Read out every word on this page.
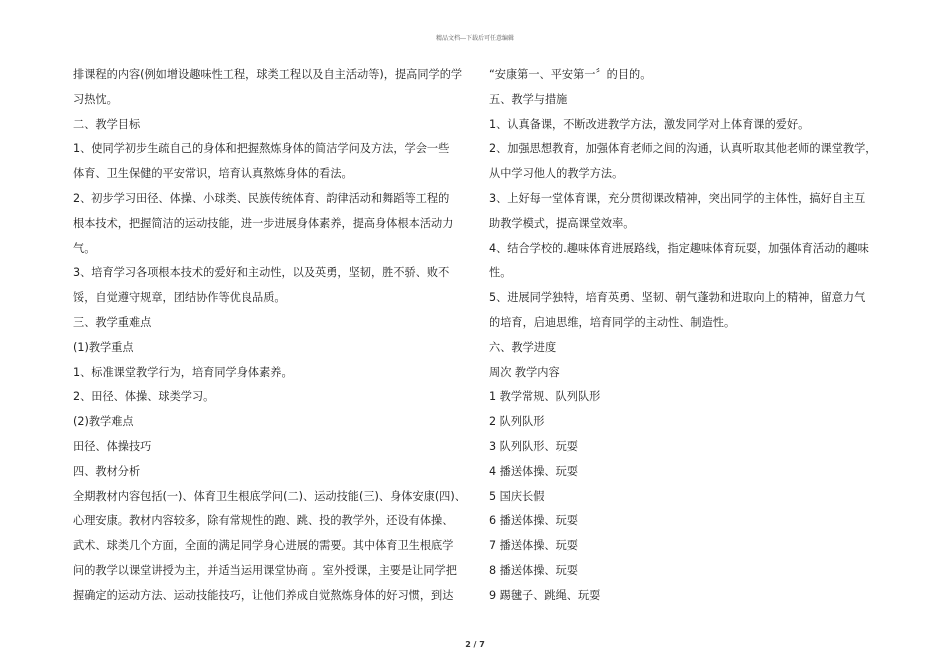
精品文档---下载后可任意编辑
排课程的内容(例如增设趣味性工程，球类工程以及自主活动等)，提高同学的学
习热忱。
二、教学目标
1、使同学初步生疏自己的身体和把握熬炼身体的简洁学问及方法，学会一些
体育、卫生保健的平安常识，培育认真熬炼身体的看法。
2、初步学习田径、体操、小球类、民族传统体育、韵律活动和舞蹈等工程的
根本技术，把握简洁的运动技能，进一步进展身体素养，提高身体根本活动力
气。
3、培育学习各项根本技术的爱好和主动性，以及英勇，坚韧，胜不骄、败不
馁，自觉遵守规章，团结协作等优良品质。
三、教学重难点
(1)教学重点
1、标准课堂教学行为，培育同学身体素养。
2、田径、体操、球类学习。
(2)教学难点
田径、体操技巧
四、教材分析
全期教材内容包括(一)、体育卫生根底学问(二)、运动技能(三)、身体安康(四)、
心理安康。教材内容较多，除有常规性的跑、跳、投的教学外，还设有体操、
武术、球类几个方面，全面的满足同学身心进展的需要。其中体育卫生根底学
问的教学以课堂讲授为主，并适当运用课堂协商 。室外授课，主要是让同学把
握确定的运动方法、运动技能技巧，让他们养成自觉熬炼身体的好习惯，到达
“安康第一、平安第一〞的目的。
五、教学与措施
1、认真备课，不断改进教学方法，激发同学对上体育课的爱好。
2、加强思想教育，加强体育老师之间的沟通，认真听取其他老师的课堂教学，
从中学习他人的教学方法。
3、上好每一堂体育课，充分贯彻课改精神，突出同学的主体性，搞好自主互
助教学模式，提高课堂效率。
4、结合学校的.趣味体育进展路线，指定趣味体育玩耍，加强体育活动的趣味
性。
5、进展同学独特，培育英勇、坚韧、朝气蓬勃和进取向上的精神，留意力气
的培育，启迪思维，培育同学的主动性、制造性。
六、教学进度
周次 教学内容
1 教学常规、队列队形
2 队列队形
3 队列队形、玩耍
4 播送体操、玩耍
5 国庆长假
6 播送体操、玩耍
7 播送体操、玩耍
8 播送体操、玩耍
9 踢毽子、跳绳、玩耍
2 / 7
